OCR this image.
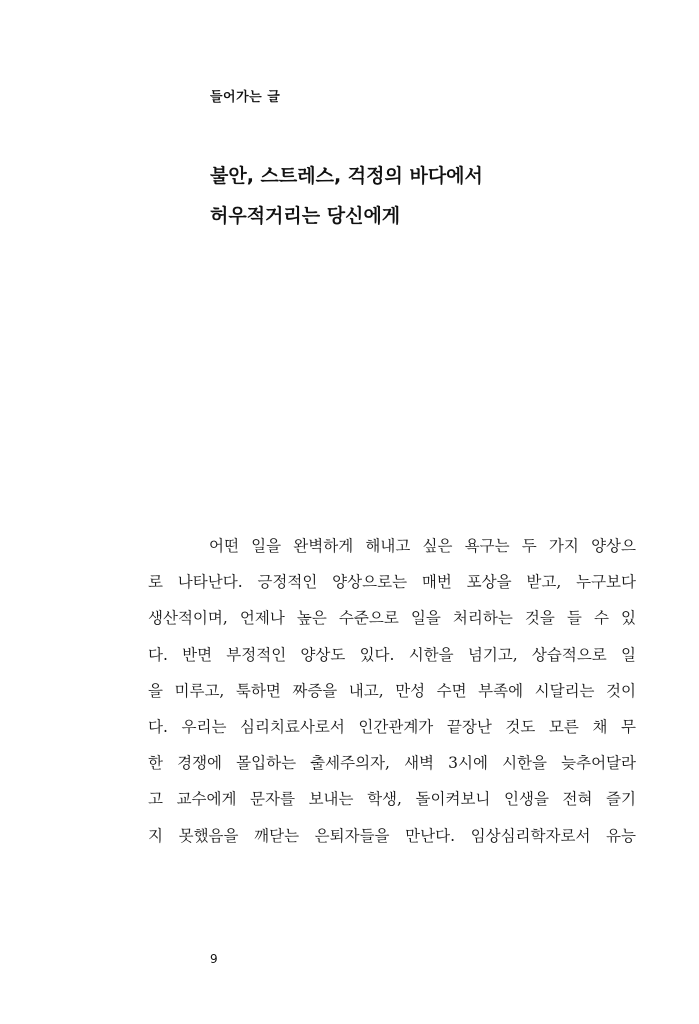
들어가는 글
불안, 스트레스, 걱정의 바다에서
허우적거리는 당신에게
어떤 일을 완벽하게 해내고 싶은 욕구는 두 가지 양상으
로 나타난다. 긍정적인 양상으로는 매번 포상을 받고, 누구보다
생산적이며, 언제나 높은 수준으로 일을 처리하는 것을 들 수 있
다. 반면 부정적인 양상도 있다. 시한을 넘기고, 상습적으로 일
을 미루고, 툭하면 짜증을 내고, 만성 수면 부족에 시달리는 것이
다. 우리는 심리치료사로서 인간관계가 끝장난 것도 모른 채 무
한 경쟁에 몰입하는 출세주의자, 새벽 3시에 시한을 늦추어달라
고 교수에게 문자를 보내는 학생, 돌이켜보니 인생을 전혀 즐기
지 못했음을 깨닫는 은퇴자들을 만난다. 임상심리학자로서 유능
9
